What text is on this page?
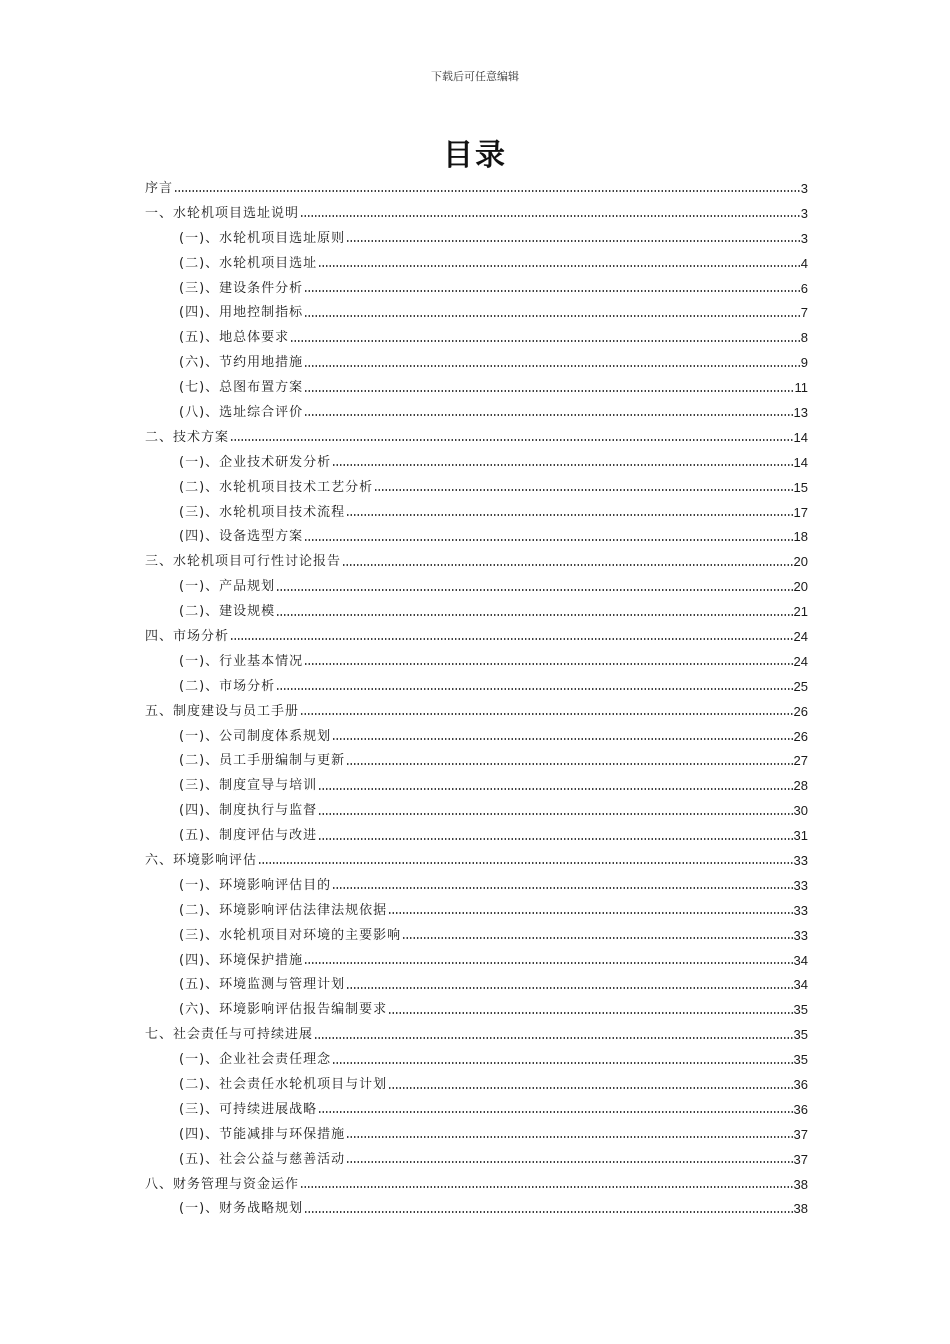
下载后可任意编辑
目录
序言	3
一、水轮机项目选址说明	3
(一)、水轮机项目选址原则	3
(二)、水轮机项目选址	4
(三)、建设条件分析	6
(四)、用地控制指标	7
(五)、地总体要求	8
(六)、节约用地措施	9
(七)、总图布置方案	11
(八)、选址综合评价	13
二、技术方案	14
(一)、企业技术研发分析	14
(二)、水轮机项目技术工艺分析	15
(三)、水轮机项目技术流程	17
(四)、设备选型方案	18
三、水轮机项目可行性讨论报告	20
(一)、产品规划	20
(二)、建设规模	21
四、市场分析	24
(一)、行业基本情况	24
(二)、市场分析	25
五、制度建设与员工手册	26
(一)、公司制度体系规划	26
(二)、员工手册编制与更新	27
(三)、制度宣导与培训	28
(四)、制度执行与监督	30
(五)、制度评估与改进	31
六、环境影响评估	33
(一)、环境影响评估目的	33
(二)、环境影响评估法律法规依据	33
(三)、水轮机项目对环境的主要影响	33
(四)、环境保护措施	34
(五)、环境监测与管理计划	34
(六)、环境影响评估报告编制要求	35
七、社会责任与可持续进展	35
(一)、企业社会责任理念	35
(二)、社会责任水轮机项目与计划	36
(三)、可持续进展战略	36
(四)、节能减排与环保措施	37
(五)、社会公益与慈善活动	37
八、财务管理与资金运作	38
(一)、财务战略规划	38
